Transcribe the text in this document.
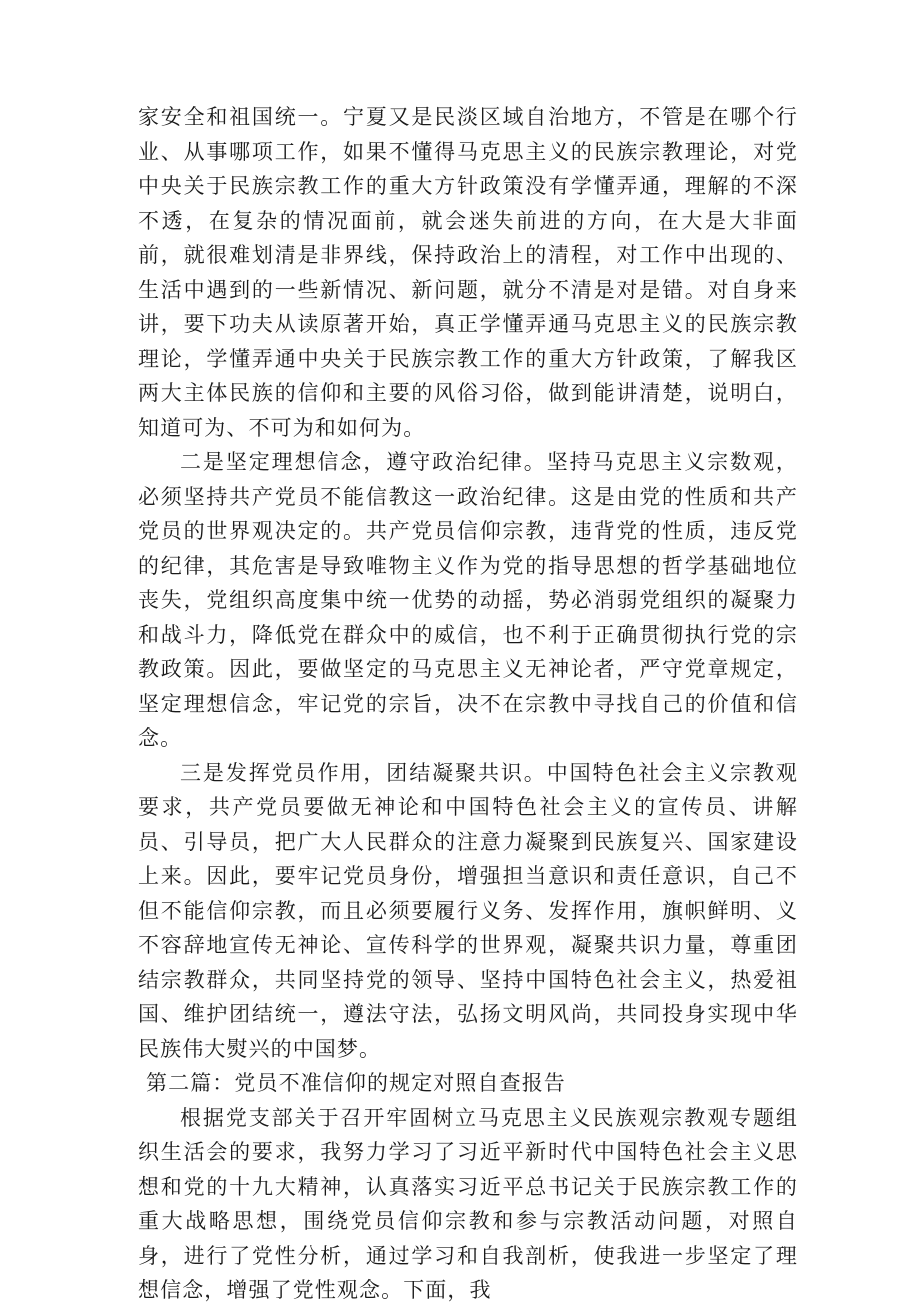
家安全和祖国统一。宁夏又是民淡区域自治地方，不管是在哪个行业、从事哪项工作，如果不懂得马克思主义的民族宗教理论，对党中央关于民族宗教工作的重大方针政策没有学懂弄通，理解的不深不透，在复杂的情况面前，就会迷失前进的方向，在大是大非面前，就很难划清是非界线，保持政治上的清程，对工作中出现的、生活中遇到的一些新情况、新问题，就分不清是对是错。对自身来讲，要下功夫从读原著开始，真正学懂弄通马克思主义的民族宗教理论，学懂弄通中央关于民族宗教工作的重大方针政策，了解我区两大主体民族的信仰和主要的风俗习俗，做到能讲清楚，说明白，知道可为、不可为和如何为。

二是坚定理想信念，遵守政治纪律。坚持马克思主义宗数观，必须坚持共产党员不能信教这一政治纪律。这是由党的性质和共产党员的世界观决定的。共产党员信仰宗教，违背党的性质，违反党的纪律，其危害是导致唯物主义作为党的指导思想的哲学基础地位丧失，党组织高度集中统一优势的动摇，势必消弱党组织的凝聚力和战斗力，降低党在群众中的威信，也不利于正确贯彻执行党的宗教政策。因此，要做坚定的马克思主义无神论者，严守党章规定，坚定理想信念，牢记党的宗旨，决不在宗教中寻找自己的价值和信念。

三是发挥党员作用，团结凝聚共识。中国特色社会主义宗教观要求，共产党员要做无神论和中国特色社会主义的宣传员、讲解员、引导员，把广大人民群众的注意力凝聚到民族复兴、国家建设上来。因此，要牢记党员身份，增强担当意识和责任意识，自己不但不能信仰宗教，而且必须要履行义务、发挥作用，旗帜鲜明、义不容辞地宣传无神论、宣传科学的世界观，凝聚共识力量，尊重团结宗教群众，共同坚持党的领导、坚持中国特色社会主义，热爱祖国、维护团结统一，遵法守法，弘扬文明风尚，共同投身实现中华民族伟大熨兴的中国梦。

第二篇：党员不准信仰的规定对照自查报告

根据党支部关于召开牢固树立马克思主义民族观宗教观专题组织生活会的要求，我努力学习了习近平新时代中国特色社会主义思想和党的十九大精神，认真落实习近平总书记关于民族宗教工作的重大战略思想，围绕党员信仰宗教和参与宗教活动问题，对照自身，进行了党性分析，通过学习和自我剖析，使我进一步坚定了理想信念，增强了党性观念。下面，我
